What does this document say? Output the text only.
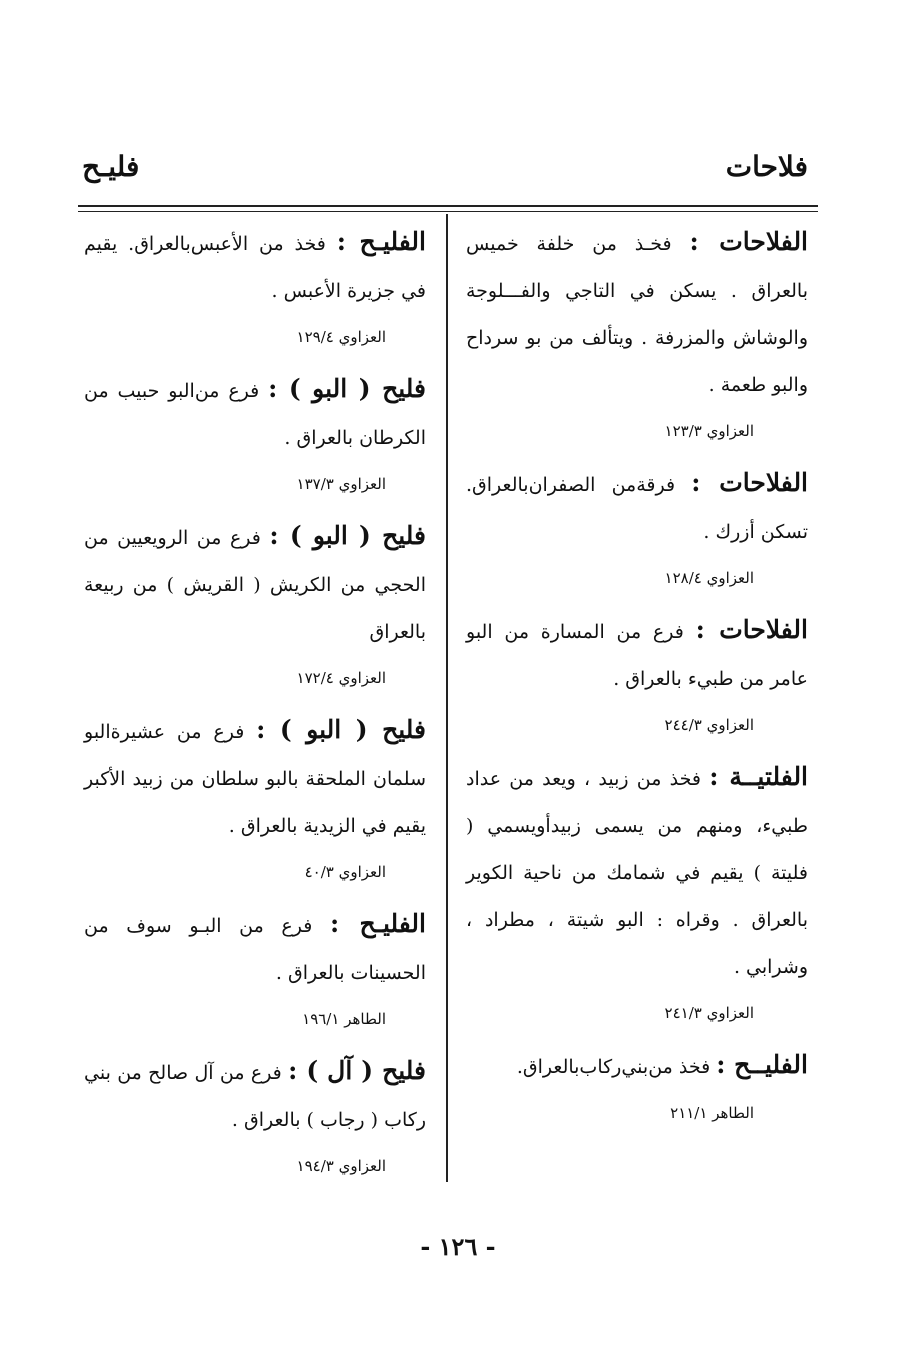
فلاحات
فليـح

الفلاحات : فخـذ من خلفة خميس بالعراق . يسكن في التاجي والفـــلوجة والوشاش والمزرفة . ويتألف من بو سرداح والبو طعمة .

العزاوي ١٢٣/٣

الفلاحات : فرقةمن الصفران‌بالعراق. تسكن أزرك .

العزاوي ١٢٨/٤

الفلاحات : فرع من المسارة من البو عامر من طبيء بالعراق .

العزاوي ٢٤٤/٣

الفلتيــة : فخذ من زبيد ، ويعد من عداد طبيء، ومنهم من يسمى زبيدأويسمي ( فليتة ) يقيم في شمامك من ناحية الكوير بالعراق . وقراه : البو شيتة ، مطراد ، وشرابي .

العزاوي ٢٤١/٣

الفليــح : فخذ من‌بني‌ركاب‌بالعراق.

الطاهر ٢١١/١

الفليـح : فخذ من الأعبس‌بالعراق. يقيم في جزيرة الأعبس .

العزاوي ١٢٩/٤

فليح ( البو ) : فرع من‌البو حبيب من الكرطان بالعراق .

العزاوي ١٣٧/٣

فليح ( البو ) : فرع من الرويعيين من الحجي من الكريش ( القريش ) من ربيعة بالعراق

العزاوي ١٧٢/٤

فليح ( البو ) : فرع من عشيرةالبو سلمان الملحقة بالبو سلطان من زبيد الأكبر يقيم في الزيدية بالعراق .

العزاوي ٤٠/٣

الفليـح : فرع من البـو سوف من الحسينات بالعراق .

الطاهر ١٩٦/١

فليح ( آل ) : فرع من آل صالح من بني ركاب ( رجاب ) بالعراق .

العزاوي ١٩٤/٣
- ١٢٦ -
